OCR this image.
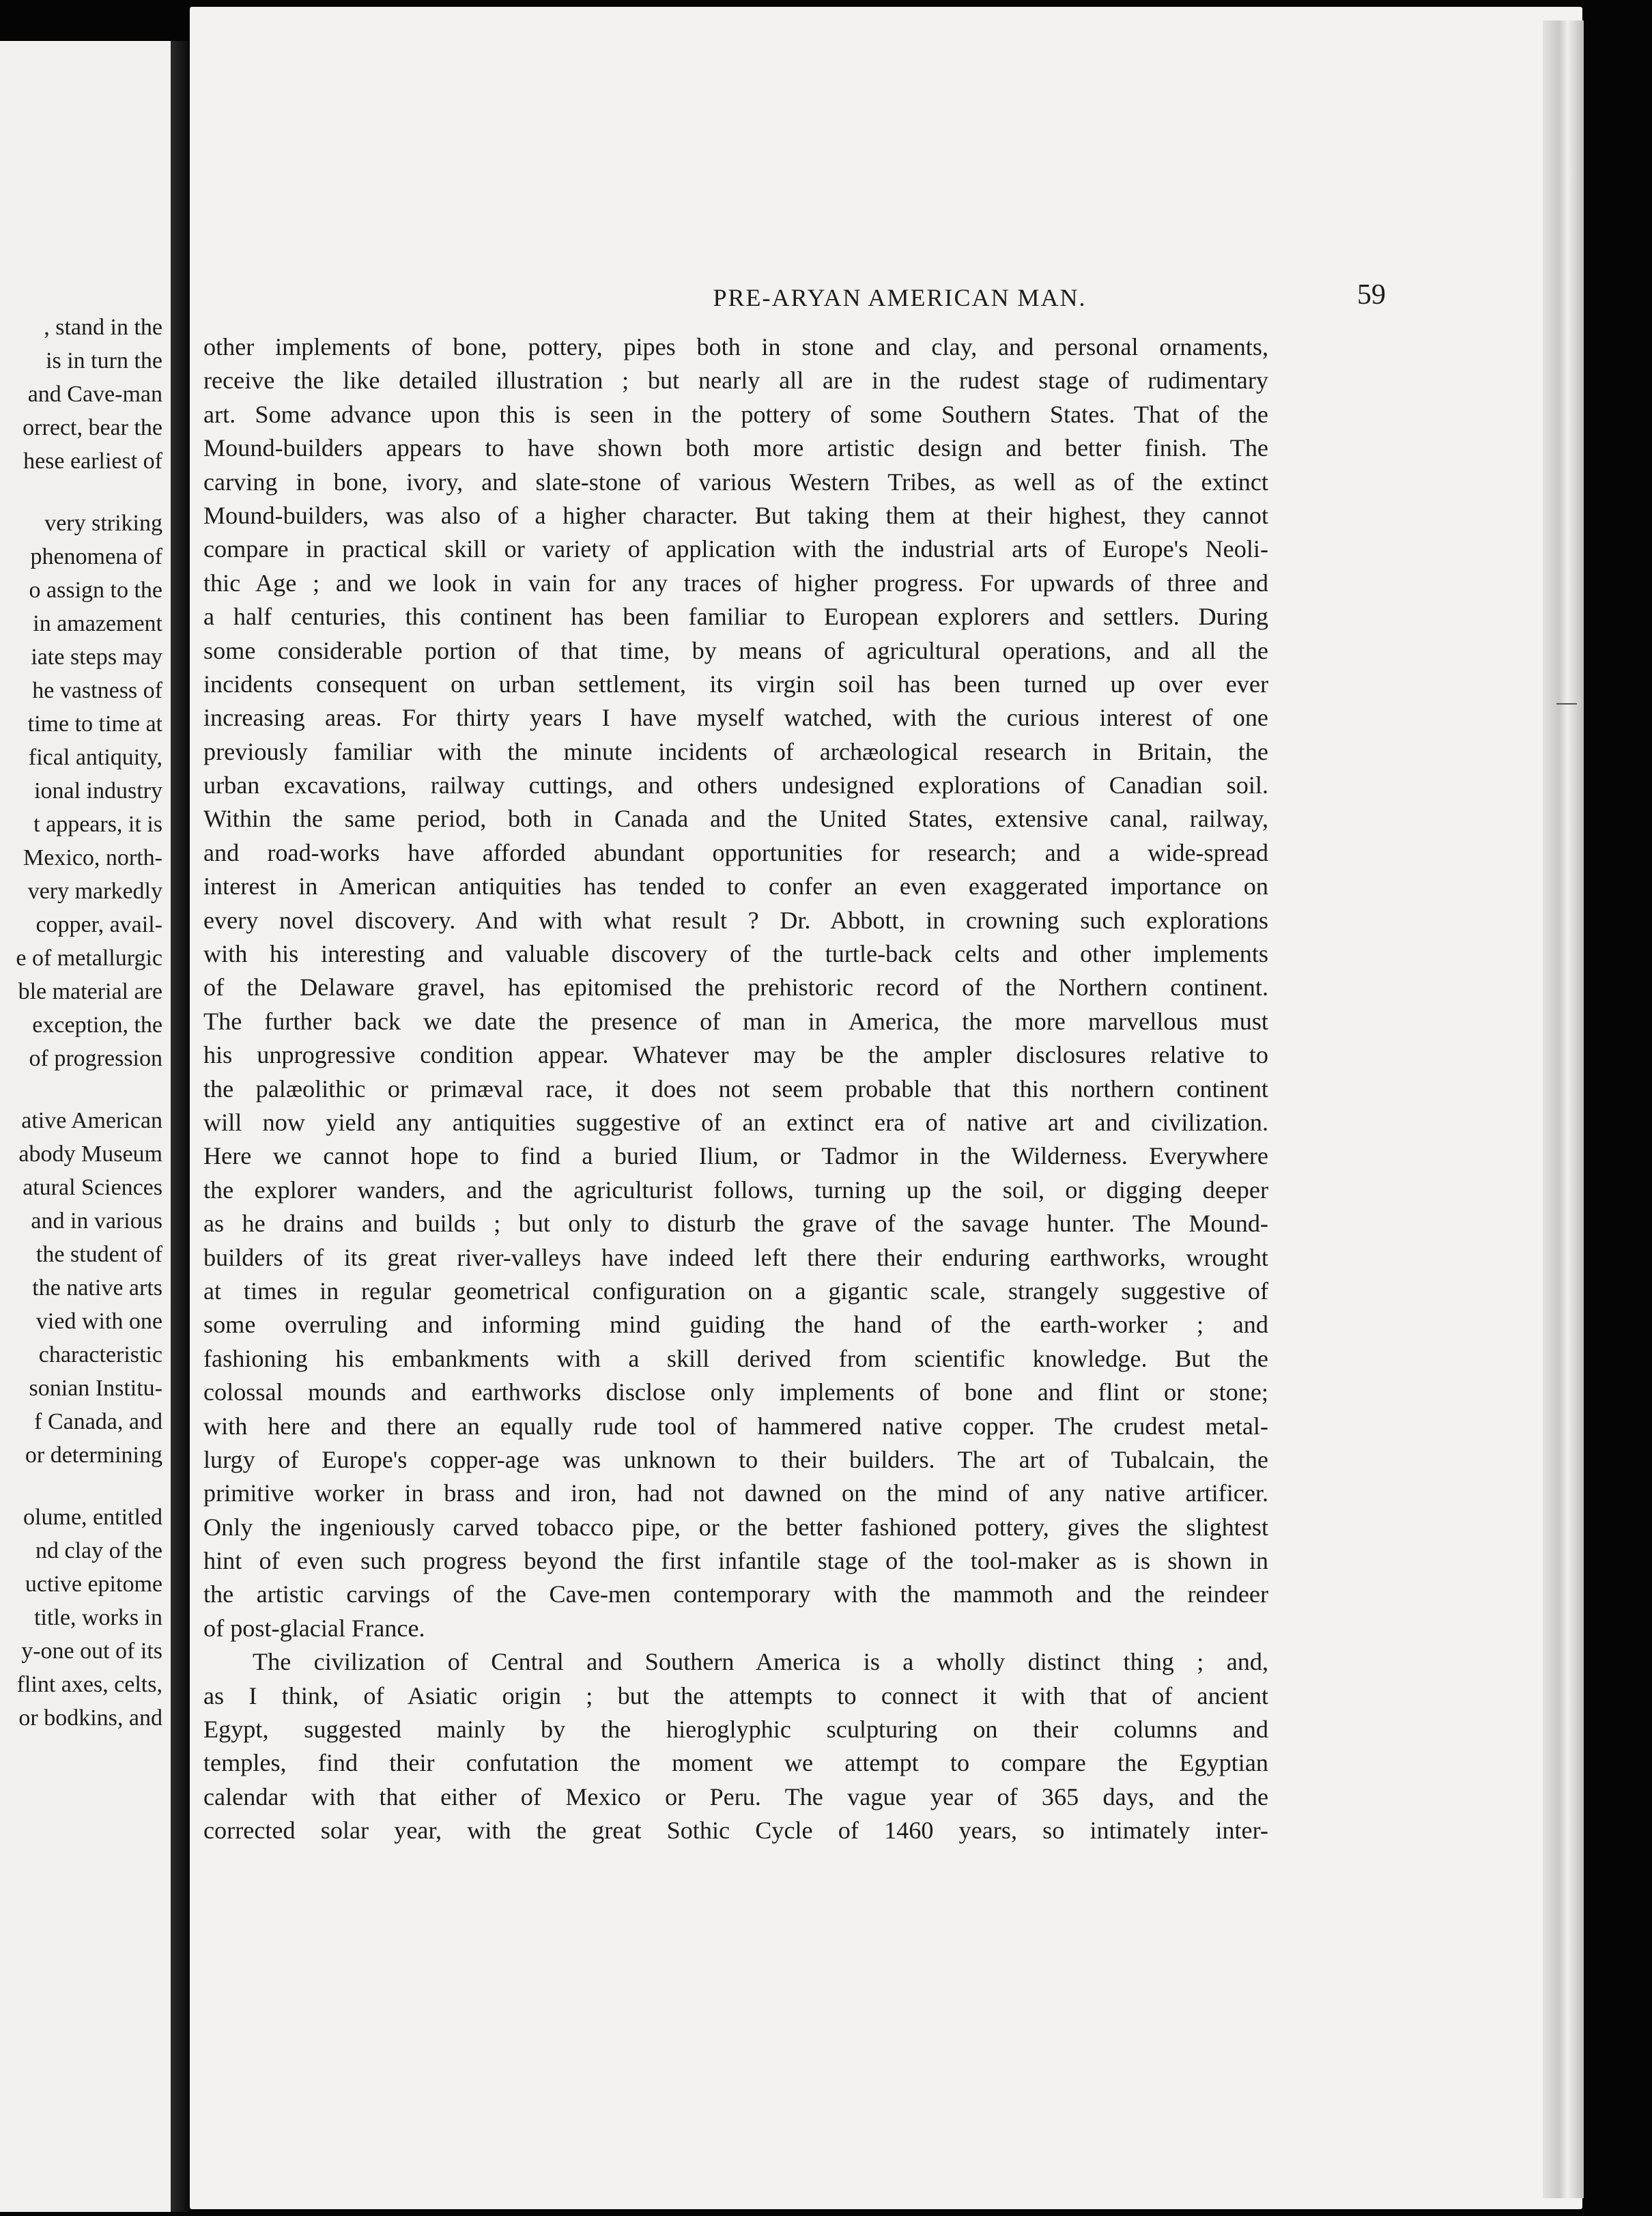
, stand in the
is in turn the
and Cave-man
orrect, bear the
hese earliest of
very striking
phenomena of
o assign to the
in amazement
iate steps may
he vastness of
time to time at
fical antiquity,
ional industry
t appears, it is
Mexico, north-
very markedly
copper, avail-
e of metallurgic
ble material are
exception, the
of progression
ative American
abody Museum
atural Sciences
and in various
the student of
the native arts
vied with one
characteristic
sonian Institu-
f Canada, and
or determining
olume, entitled
nd clay of the
uctive epitome
title, works in
y-one out of its
flint axes, celts,
or bodkins, and
PRE-ARYAN AMERICAN MAN.	59
other implements of bone, pottery, pipes both in stone and clay, and personal ornaments,
receive the like detailed illustration ; but nearly all are in the rudest stage of rudimentary
art. Some advance upon this is seen in the pottery of some Southern States. That of the
Mound-builders appears to have shown both more artistic design and better finish. The
carving in bone, ivory, and slate-stone of various Western Tribes, as well as of the extinct
Mound-builders, was also of a higher character. But taking them at their highest, they cannot
compare in practical skill or variety of application with the industrial arts of Europe's Neoli-
thic Age ; and we look in vain for any traces of higher progress. For upwards of three and
a half centuries, this continent has been familiar to European explorers and settlers. During
some considerable portion of that time, by means of agricultural operations, and all the
incidents consequent on urban settlement, its virgin soil has been turned up over ever
increasing areas. For thirty years I have myself watched, with the curious interest of one
previously familiar with the minute incidents of archæological research in Britain, the
urban excavations, railway cuttings, and others undesigned explorations of Canadian soil.
Within the same period, both in Canada and the United States, extensive canal, railway,
and road-works have afforded abundant opportunities for research; and a wide-spread
interest in American antiquities has tended to confer an even exaggerated importance on
every novel discovery. And with what result ? Dr. Abbott, in crowning such explorations
with his interesting and valuable discovery of the turtle-back celts and other implements
of the Delaware gravel, has epitomised the prehistoric record of the Northern continent.
The further back we date the presence of man in America, the more marvellous must
his unprogressive condition appear. Whatever may be the ampler disclosures relative to
the palæolithic or primæval race, it does not seem probable that this northern continent
will now yield any antiquities suggestive of an extinct era of native art and civilization.
Here we cannot hope to find a buried Ilium, or Tadmor in the Wilderness. Everywhere
the explorer wanders, and the agriculturist follows, turning up the soil, or digging deeper
as he drains and builds ; but only to disturb the grave of the savage hunter. The Mound-
builders of its great river-valleys have indeed left there their enduring earthworks, wrought
at times in regular geometrical configuration on a gigantic scale, strangely suggestive of
some overruling and informing mind guiding the hand of the earth-worker ; and
fashioning his embankments with a skill derived from scientific knowledge. But the
colossal mounds and earthworks disclose only implements of bone and flint or stone;
with here and there an equally rude tool of hammered native copper. The crudest metal-
lurgy of Europe's copper-age was unknown to their builders. The art of Tubalcain, the
primitive worker in brass and iron, had not dawned on the mind of any native artificer.
Only the ingeniously carved tobacco pipe, or the better fashioned pottery, gives the slightest
hint of even such progress beyond the first infantile stage of the tool-maker as is shown in
the artistic carvings of the Cave-men contemporary with the mammoth and the reindeer
of post-glacial France.
The civilization of Central and Southern America is a wholly distinct thing ; and,
as I think, of Asiatic origin ; but the attempts to connect it with that of ancient
Egypt, suggested mainly by the hieroglyphic sculpturing on their columns and
temples, find their confutation the moment we attempt to compare the Egyptian
calendar with that either of Mexico or Peru. The vague year of 365 days, and the
corrected solar year, with the great Sothic Cycle of 1460 years, so intimately inter-
